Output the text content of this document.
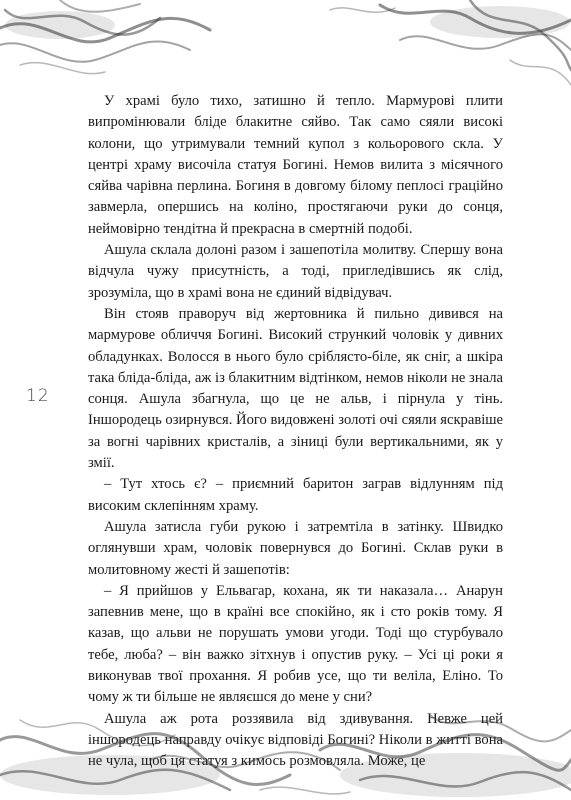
12

У храмі було тихо, затишно й тепло. Мармурові плити випромінювали бліде блакитне сяйво. Так само сяяли високі колони, що утримували темний купол з кольорового скла. У центрі храму височіла статуя Богині. Немов вилита з місячного сяйва чарівна перлина. Богиня в довгому білому пеплосі граційно завмерла, опершись на коліно, простягаючи руки до сонця, неймовірно тендітна й прекрасна в смертній подобі.

Ашула склала долоні разом і зашепотіла молитву. Спершу вона відчула чужу присутність, а тоді, пригледівшись як слід, зрозуміла, що в храмі вона не єдиний відвідувач.

Він стояв праворуч від жертовника й пильно дивився на мармурове обличчя Богині. Високий стрункий чоловік у дивних обладунках. Волосся в нього було сріблясто-біле, як сніг, а шкіра така бліда-бліда, аж із блакитним відтінком, немов ніколи не знала сонця. Ашула збагнула, що це не альв, і пірнула у тінь. Іншородець озирнувся. Його видовжені золоті очі сяяли яскравіше за вогні чарівних кристалів, а зіниці були вертикальними, як у змії.

– Тут хтось є? – приємний баритон заграв відлунням під високим склепінням храму.

Ашула затисла губи рукою і затремтіла в затінку. Швидко оглянувши храм, чоловік повернувся до Богині. Склав руки в молитовному жесті й зашепотів:

– Я прийшов у Ельвагар, кохана, як ти наказала… Анарун запевнив мене, що в країні все спокійно, як і сто років тому. Я казав, що альви не порушать умови угоди. Тоді що стурбувало тебе, люба? – він важко зітхнув і опустив руку. – Усі ці роки я виконував твої прохання. Я робив усе, що ти веліла, Еліно. То чому ж ти більше не являєшся до мене у сни?

Ашула аж рота роззявила від здивування. Невже цей іншородець направду очікує відповіді Богині? Ніколи в житті вона не чула, щоб ця статуя з кимось розмовляла. Може, це
